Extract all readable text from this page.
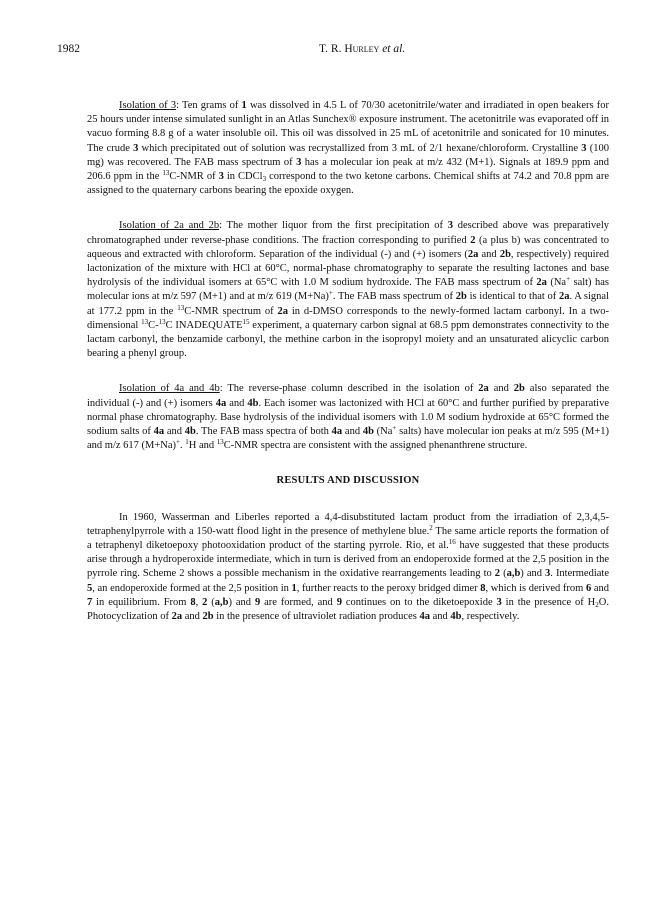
1982	T. R. Hurley et al.

Isolation of 3: Ten grams of 1 was dissolved in 4.5 L of 70/30 acetonitrile/water and irradiated in open beakers for 25 hours under intense simulated sunlight in an Atlas Sunchex® exposure instrument. The acetonitrile was evaporated off in vacuo forming 8.8 g of a water insoluble oil. This oil was dissolved in 25 mL of acetonitrile and sonicated for 10 minutes. The crude 3 which precipitated out of solution was recrystallized from 3 mL of 2/1 hexane/chloroform. Crystalline 3 (100 mg) was recovered. The FAB mass spectrum of 3 has a molecular ion peak at m/z 432 (M+1). Signals at 189.9 ppm and 206.6 ppm in the $^{13}$C-NMR of 3 in CDCl$_3$ correspond to the two ketone carbons. Chemical shifts at 74.2 and 70.8 ppm are assigned to the quaternary carbons bearing the epoxide oxygen.

Isolation of 2a and 2b: The mother liquor from the first precipitation of 3 described above was preparatively chromatographed under reverse-phase conditions. The fraction corresponding to purified 2 (a plus b) was concentrated to aqueous and extracted with chloroform. Separation of the individual (-) and (+) isomers (2a and 2b, respectively) required lactonization of the mixture with HCl at 60°C, normal-phase chromatography to separate the resulting lactones and base hydrolysis of the individual isomers at 65°C with 1.0 M sodium hydroxide. The FAB mass spectrum of 2a (Na+ salt) has molecular ions at m/z 597 (M+1) and at m/z 619 (M+Na)+. The FAB mass spectrum of 2b is identical to that of 2a. A signal at 177.2 ppm in the $^{13}$C-NMR spectrum of 2a in d-DMSO corresponds to the newly-formed lactam carbonyl. In a two-dimensional $^{13}$C-$^{13}$C INADEQUATE$^{15}$ experiment, a quaternary carbon signal at 68.5 ppm demonstrates connectivity to the lactam carbonyl, the benzamide carbonyl, the methine carbon in the isopropyl moiety and an unsaturated alicyclic carbon bearing a phenyl group.

Isolation of 4a and 4b: The reverse-phase column described in the isolation of 2a and 2b also separated the individual (-) and (+) isomers 4a and 4b. Each isomer was lactonized with HCl at 60°C and further purified by preparative normal phase chromatography. Base hydrolysis of the individual isomers with 1.0 M sodium hydroxide at 65°C formed the sodium salts of 4a and 4b. The FAB mass spectra of both 4a and 4b (Na+ salts) have molecular ion peaks at m/z 595 (M+1) and m/z 617 (M+Na)+. $^1$H and $^{13}$C-NMR spectra are consistent with the assigned phenanthrene structure.

RESULTS AND DISCUSSION

In 1960, Wasserman and Liberles reported a 4,4-disubstituted lactam product from the irradiation of 2,3,4,5-tetraphenylpyrrole with a 150-watt flood light in the presence of methylene blue.$^2$ The same article reports the formation of a tetraphenyl diketoepoxy photooxidation product of the starting pyrrole. Rio, et al.$^{16}$ have suggested that these products arise through a hydroperoxide intermediate, which in turn is derived from an endoperoxide formed at the 2,5 position in the pyrrole ring. Scheme 2 shows a possible mechanism in the oxidative rearrangements leading to 2 (a,b) and 3. Intermediate 5, an endoperoxide formed at the 2,5 position in 1, further reacts to the peroxy bridged dimer 8, which is derived from 6 and 7 in equilibrium. From 8, 2 (a,b) and 9 are formed, and 9 continues on to the diketoepoxide 3 in the presence of $H_2O$. Photocyclization of 2a and 2b in the presence of ultraviolet radiation produces 4a and 4b, respectively.
